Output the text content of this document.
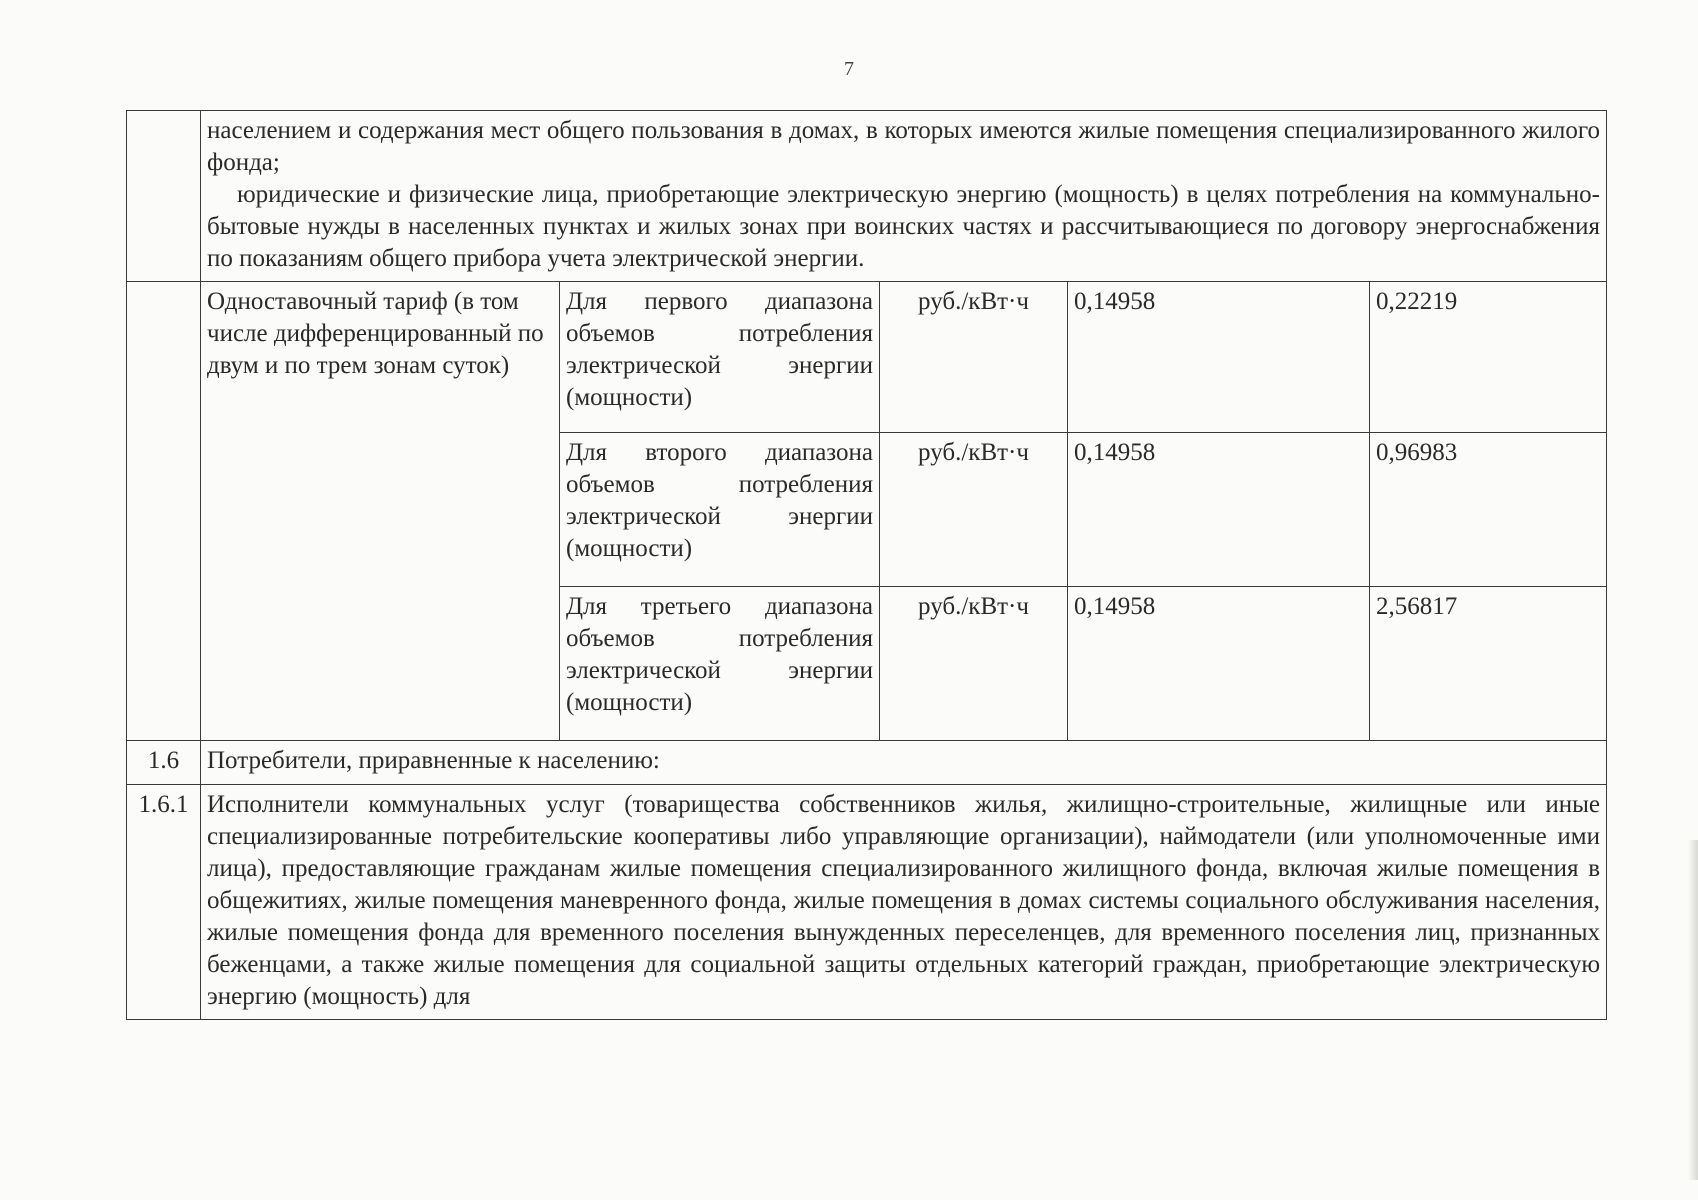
7

	населением и содержания мест общего пользования в домах, в которых имеются жилые помещения специализированного жилого фонда;

юридические и физические лица, приобретающие электрическую энергию (мощность) в целях потребления на коммунально-бытовые нужды в населенных пунктах и жилых зонах при воинских частях и рассчитывающиеся по договору энергоснабжения по показаниям общего прибора учета электрической энергии.				

	Одноставочный тариф (в том числе дифференцированный по двум и по трем зонам суток)	Для первого диапазона объемов потребления электрической энергии (мощности)	руб./кВт·ч	0,14958	0,22219
		Для второго диапазона объемов потребления электрической энергии (мощности)	руб./кВт·ч	0,14958	0,96983
		Для третьего диапазона объемов потребления электрической энергии (мощности)	руб./кВт·ч	0,14958	2,56817
1.6	Потребители, приравненные к населению:				
1.6.1	Исполнители коммунальных услуг (товарищества собственников жилья, жилищно-строительные, жилищные или иные специализированные потребительские кооперативы либо управляющие организации), наймодатели (или уполномоченные ими лица), предоставляющие гражданам жилые помещения специализированного жилищного фонда, включая жилые помещения в общежитиях, жилые помещения маневренного фонда, жилые помещения в домах системы социального обслуживания населения, жилые помещения фонда для временного поселения вынужденных переселенцев, для временного поселения лиц, признанных беженцами, а также жилые помещения для социальной защиты отдельных категорий граждан, приобретающие электрическую энергию (мощность) для				
